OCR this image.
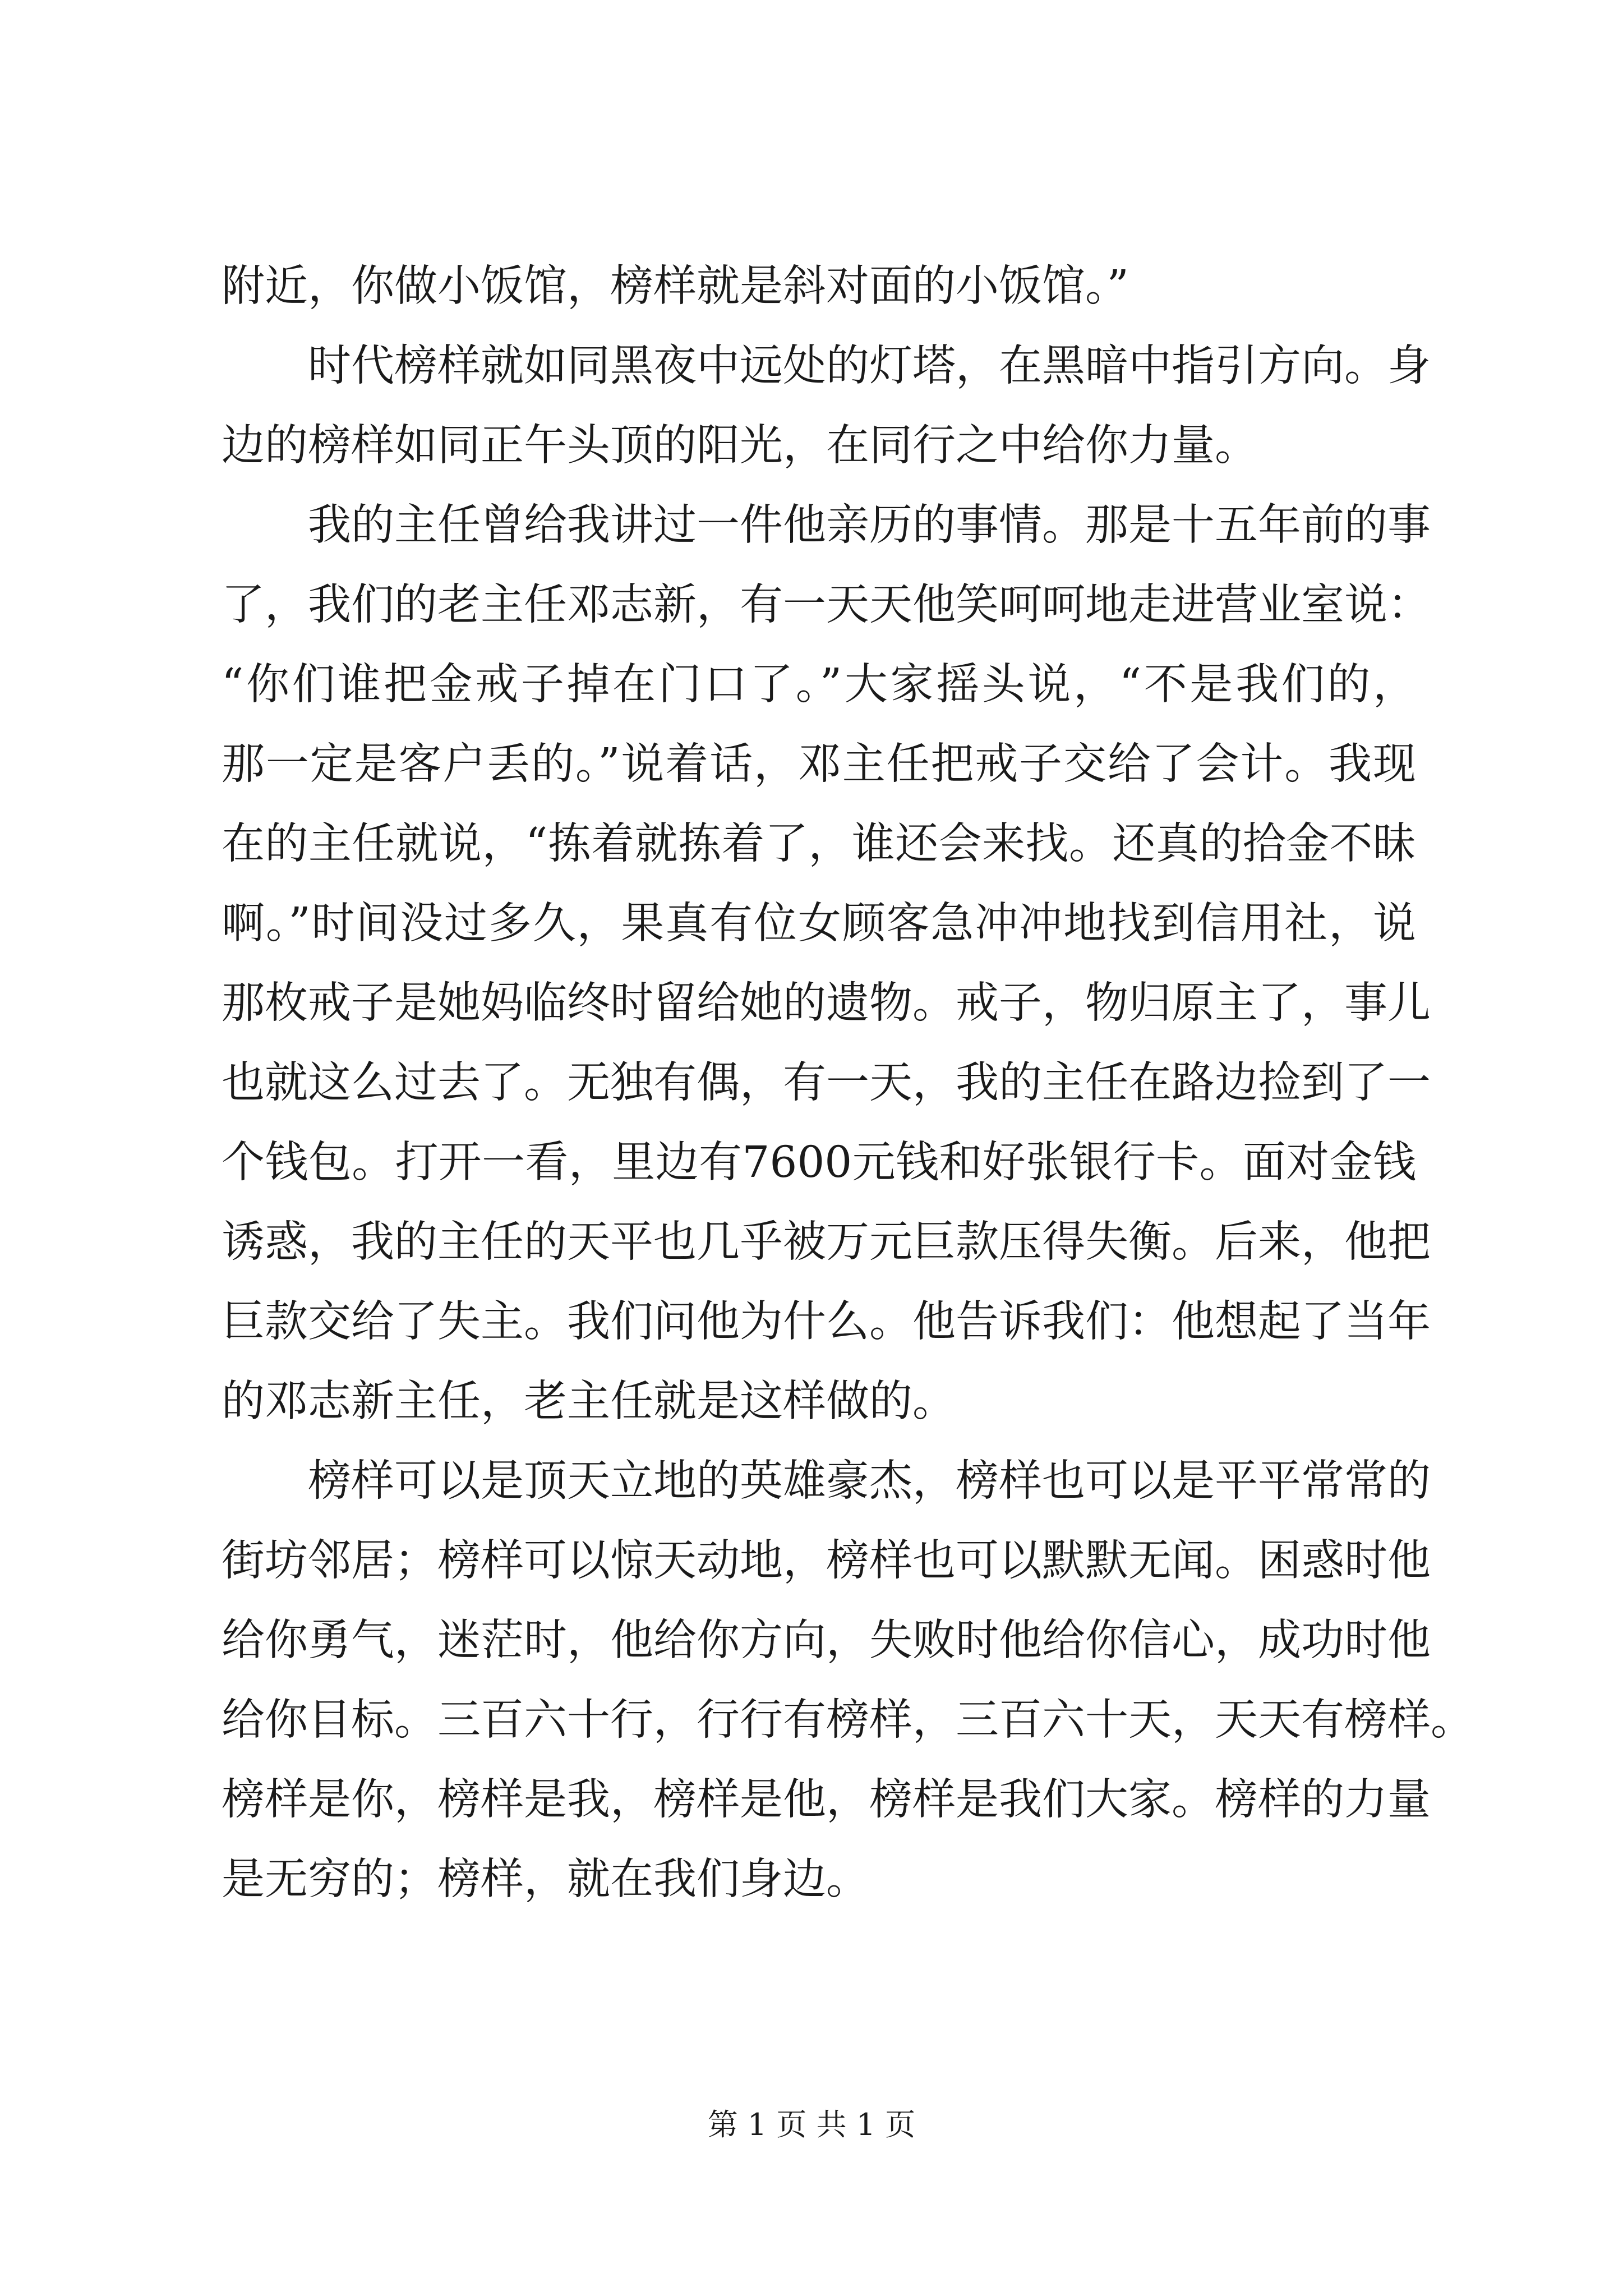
附近，你做小饭馆，榜样就是斜对面的小饭馆。”
时代榜样就如同黑夜中远处的灯塔，在黑暗中指引方向。身
边的榜样如同正午头顶的阳光，在同行之中给你力量。
我的主任曾给我讲过一件他亲历的事情。那是十五年前的事
了，我们的老主任邓志新，有一天天他笑呵呵地走进营业室说：
“你们谁把金戒子掉在门口了。”大家摇头说，“不是我们的，
那一定是客户丢的。”说着话，邓主任把戒子交给了会计。我现
在的主任就说，“拣着就拣着了，谁还会来找。还真的拾金不昧
啊。”时间没过多久，果真有位女顾客急冲冲地找到信用社，说
那枚戒子是她妈临终时留给她的遗物。戒子，物归原主了，事儿
也就这么过去了。无独有偶，有一天，我的主任在路边捡到了一
个钱包。打开一看，里边有7600元钱和好张银行卡。面对金钱
诱惑，我的主任的天平也几乎被万元巨款压得失衡。后来，他把
巨款交给了失主。我们问他为什么。他告诉我们：他想起了当年
的邓志新主任，老主任就是这样做的。
榜样可以是顶天立地的英雄豪杰，榜样也可以是平平常常的
街坊邻居；榜样可以惊天动地，榜样也可以默默无闻。困惑时他
给你勇气，迷茫时，他给你方向，失败时他给你信心，成功时他
给你目标。三百六十行，行行有榜样，三百六十天，天天有榜样。
榜样是你，榜样是我，榜样是他，榜样是我们大家。榜样的力量
是无穷的；榜样，就在我们身边。
第 1 页 共 1 页
